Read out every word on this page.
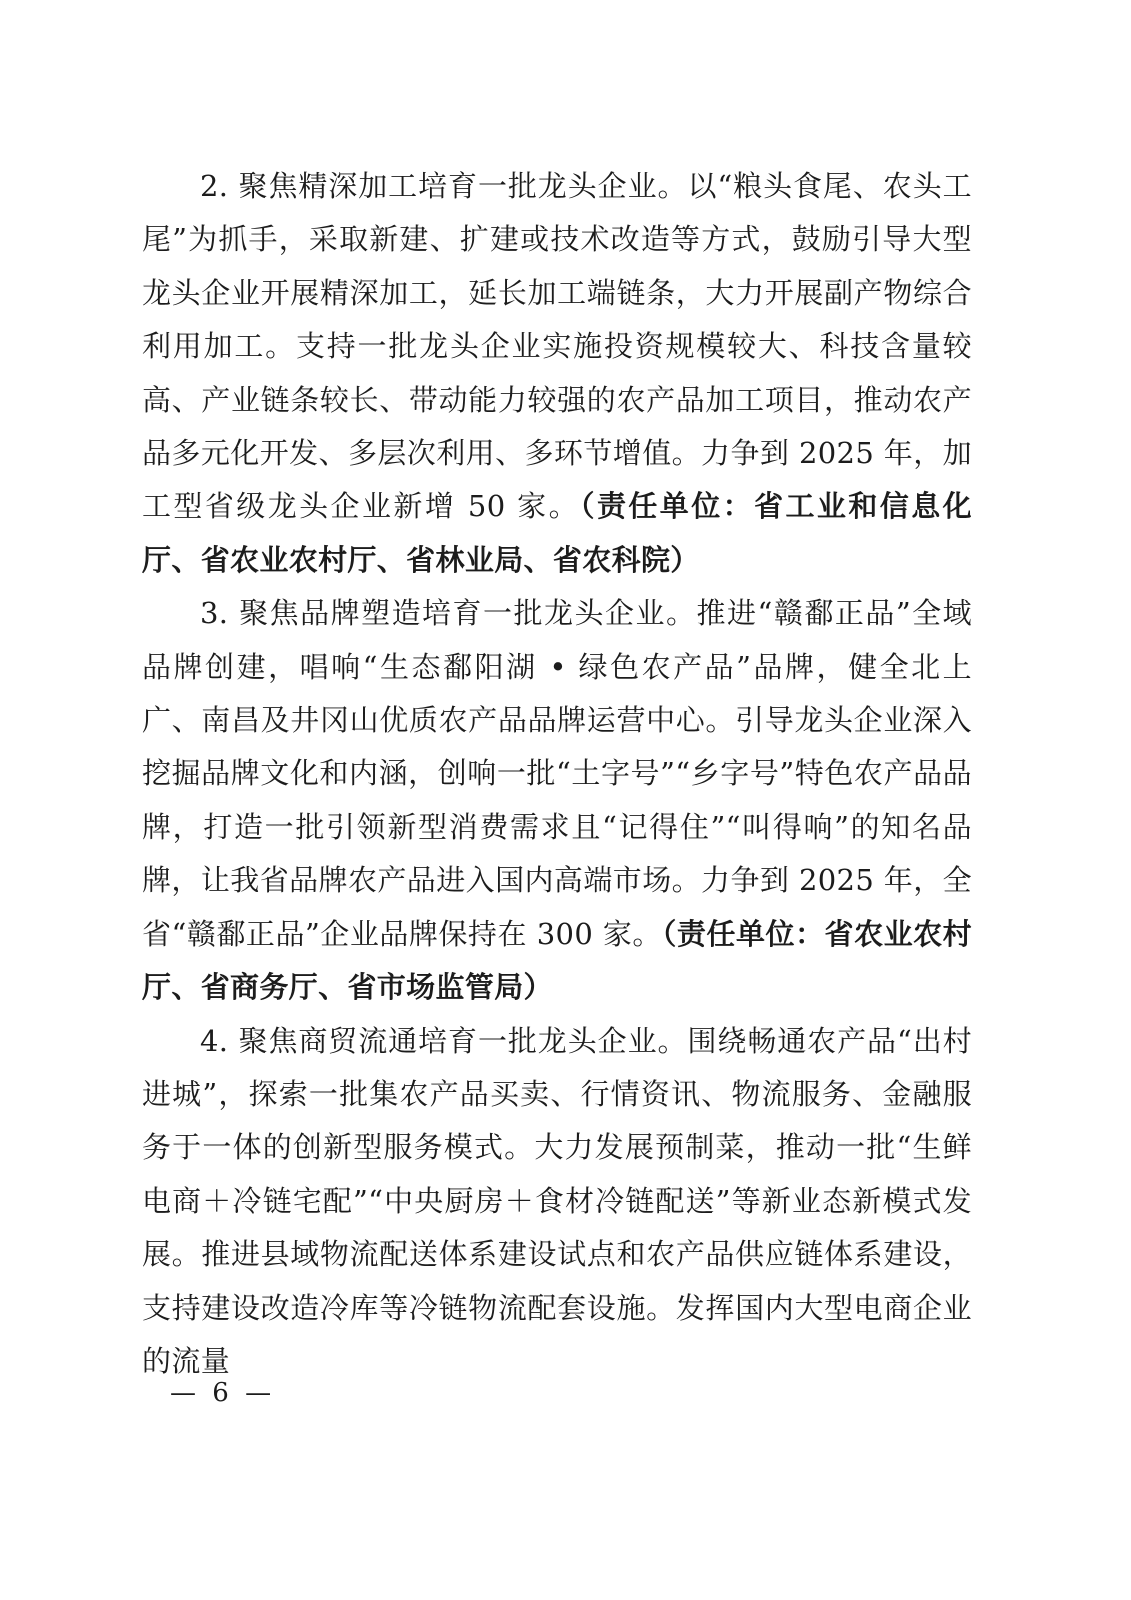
2. 聚焦精深加工培育一批龙头企业。以“粮头食尾、农头工尾”为抓手，采取新建、扩建或技术改造等方式，鼓励引导大型龙头企业开展精深加工，延长加工端链条，大力开展副产物综合利用加工。支持一批龙头企业实施投资规模较大、科技含量较高、产业链条较长、带动能力较强的农产品加工项目，推动农产品多元化开发、多层次利用、多环节增值。力争到 2025 年，加工型省级龙头企业新增 50 家。（责任单位：省工业和信息化厅、省农业农村厅、省林业局、省农科院）

3. 聚焦品牌塑造培育一批龙头企业。推进“赣鄱正品”全域品牌创建，唱响“生态鄱阳湖 • 绿色农产品”品牌，健全北上广、南昌及井冈山优质农产品品牌运营中心。引导龙头企业深入挖掘品牌文化和内涵，创响一批“土字号”“乡字号”特色农产品品牌，打造一批引领新型消费需求且“记得住”“叫得响”的知名品牌，让我省品牌农产品进入国内高端市场。力争到 2025 年，全省“赣鄱正品”企业品牌保持在 300 家。（责任单位：省农业农村厅、省商务厅、省市场监管局）

4. 聚焦商贸流通培育一批龙头企业。围绕畅通农产品“出村进城”，探索一批集农产品买卖、行情资讯、物流服务、金融服务于一体的创新型服务模式。大力发展预制菜，推动一批“生鲜电商＋冷链宅配”“中央厨房＋食材冷链配送”等新业态新模式发展。推进县域物流配送体系建设试点和农产品供应链体系建设，支持建设改造冷库等冷链物流配套设施。发挥国内大型电商企业的流量

— 6 —
